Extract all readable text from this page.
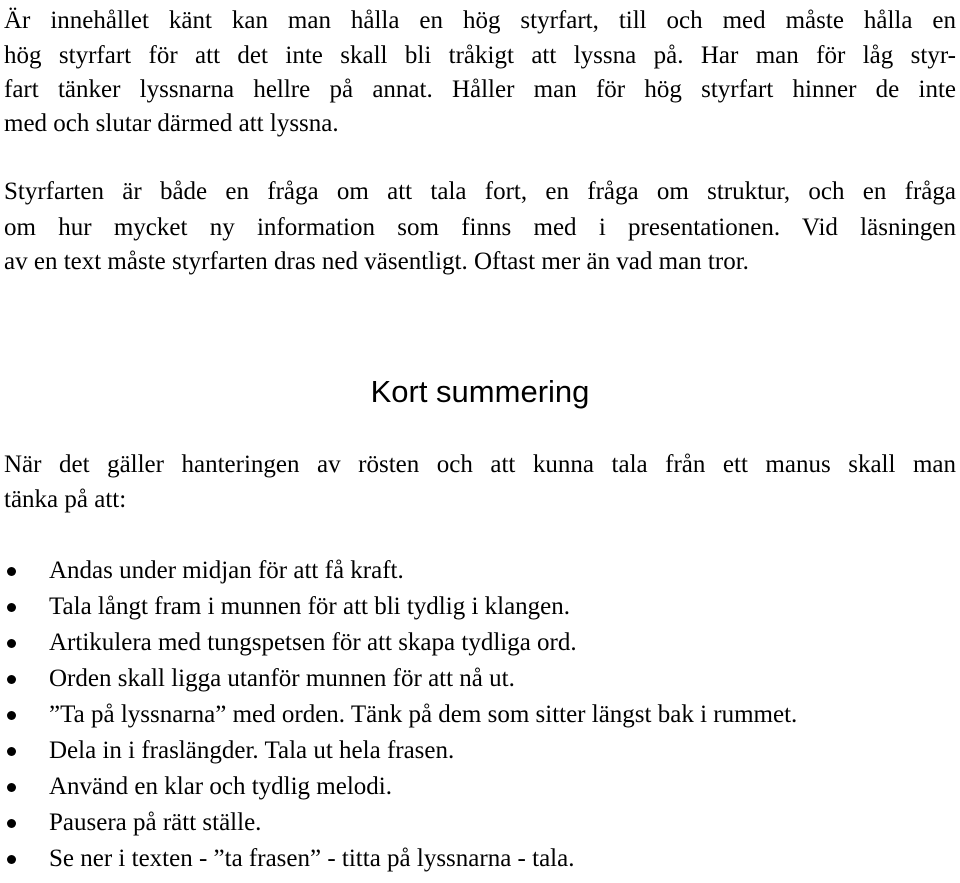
Är innehållet känt kan man hålla en hög styrfart, till och med måste hålla en
hög styrfart för att det inte skall bli tråkigt att lyssna på. Har man för låg styr-
fart tänker lyssnarna hellre på annat. Håller man för hög styrfart hinner de inte
med och slutar därmed att lyssna.
Styrfarten är både en fråga om att tala fort, en fråga om struktur, och en fråga
om hur mycket ny information som finns med i presentationen. Vid läsningen
av en text måste styrfarten dras ned väsentligt. Oftast mer än vad man tror.
Kort summering
När det gäller hanteringen av rösten och att kunna tala från ett manus skall man
tänka på att:
Andas under midjan för att få kraft.
Tala långt fram i munnen för att bli tydlig i klangen.
Artikulera med tungspetsen för att skapa tydliga ord.
Orden skall ligga utanför munnen för att nå ut.
”Ta på lyssnarna” med orden. Tänk på dem som sitter längst bak i rummet.
Dela in i fraslängder. Tala ut hela frasen.
Använd en klar och tydlig melodi.
Pausera på rätt ställe.
Se ner i texten - ”ta frasen” - titta på lyssnarna - tala.
